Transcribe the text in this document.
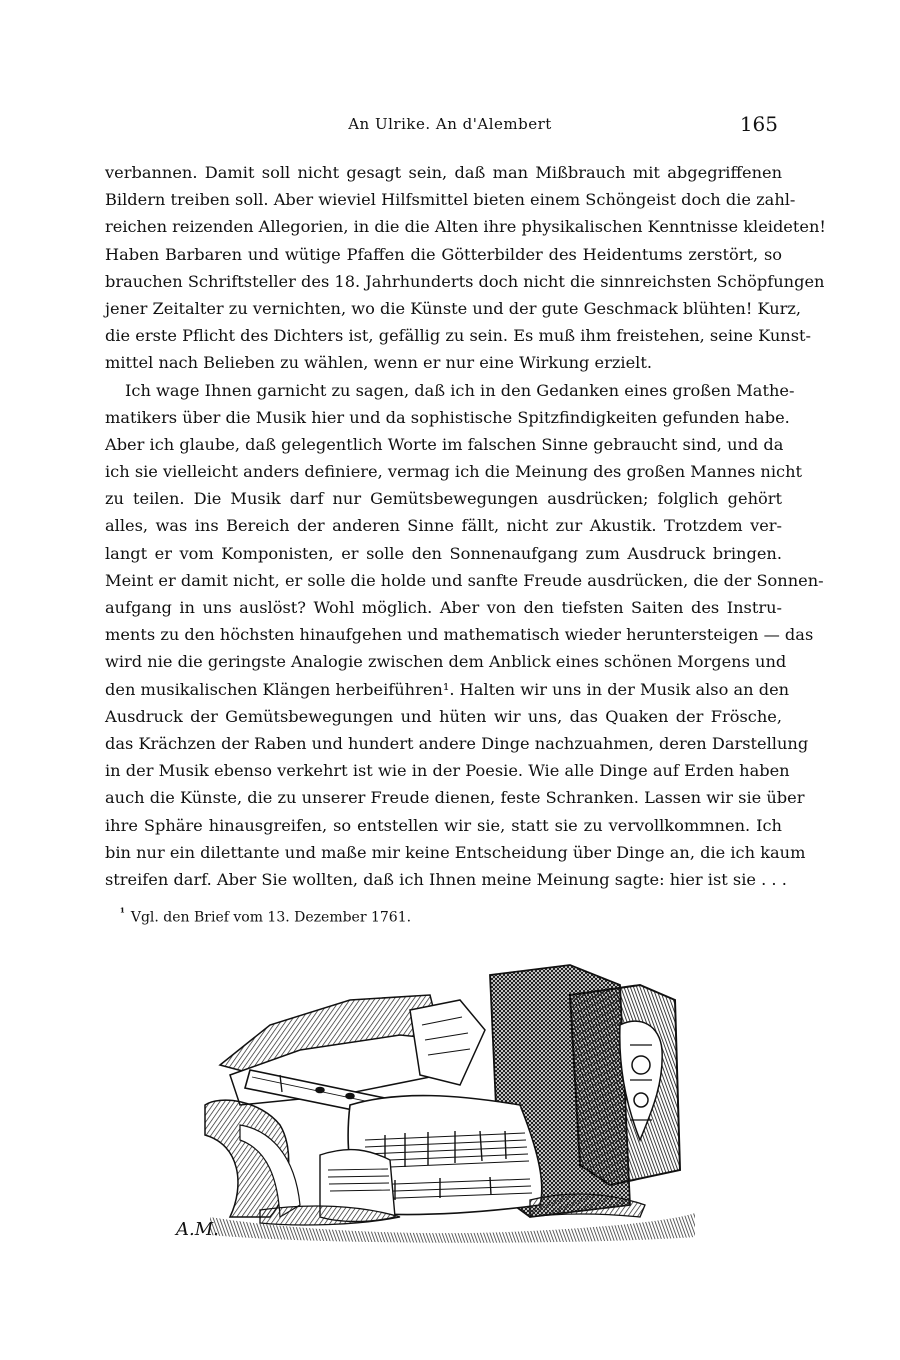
An Ulrike. An d'Alembert	165
verbannen. Damit soll nicht gesagt sein, daß man Mißbrauch mit abgegriffenen
Bildern treiben soll. Aber wieviel Hilfsmittel bieten einem Schöngeist doch die zahl-
reichen reizenden Allegorien, in die die Alten ihre physikalischen Kenntnisse kleideten!
Haben Barbaren und wütige Pfaffen die Götterbilder des Heidentums zerstört, so
brauchen Schriftsteller des 18. Jahrhunderts doch nicht die sinnreichsten Schöpfungen
jener Zeitalter zu vernichten, wo die Künste und der gute Geschmack blühten! Kurz,
die erste Pflicht des Dichters ist, gefällig zu sein. Es muß ihm freistehen, seine Kunst-
mittel nach Belieben zu wählen, wenn er nur eine Wirkung erzielt.
Ich wage Ihnen garnicht zu sagen, daß ich in den Gedanken eines großen Mathe-
matikers über die Musik hier und da sophistische Spitzfindigkeiten gefunden habe.
Aber ich glaube, daß gelegentlich Worte im falschen Sinne gebraucht sind, und da
ich sie vielleicht anders definiere, vermag ich die Meinung des großen Mannes nicht
zu teilen. Die Musik darf nur Gemütsbewegungen ausdrücken; folglich gehört
alles, was ins Bereich der anderen Sinne fällt, nicht zur Akustik. Trotzdem ver-
langt er vom Komponisten, er solle den Sonnenaufgang zum Ausdruck bringen.
Meint er damit nicht, er solle die holde und sanfte Freude ausdrücken, die der Sonnen-
aufgang in uns auslöst? Wohl möglich. Aber von den tiefsten Saiten des Instru-
ments zu den höchsten hinaufgehen und mathematisch wieder heruntersteigen — das
wird nie die geringste Analogie zwischen dem Anblick eines schönen Morgens und
den musikalischen Klängen herbeiführen¹. Halten wir uns in der Musik also an den
Ausdruck der Gemütsbewegungen und hüten wir uns, das Quaken der Frösche,
das Krächzen der Raben und hundert andere Dinge nachzuahmen, deren Darstellung
in der Musik ebenso verkehrt ist wie in der Poesie. Wie alle Dinge auf Erden haben
auch die Künste, die zu unserer Freude dienen, feste Schranken. Lassen wir sie über
ihre Sphäre hinausgreifen, so entstellen wir sie, statt sie zu vervollkommnen. Ich
bin nur ein dilettante und maße mir keine Entscheidung über Dinge an, die ich kaum
streifen darf. Aber Sie wollten, daß ich Ihnen meine Meinung sagte: hier ist sie . . .
$^{^1}$ Vgl. den Brief vom 13. Dezember 1761.
A.M.
